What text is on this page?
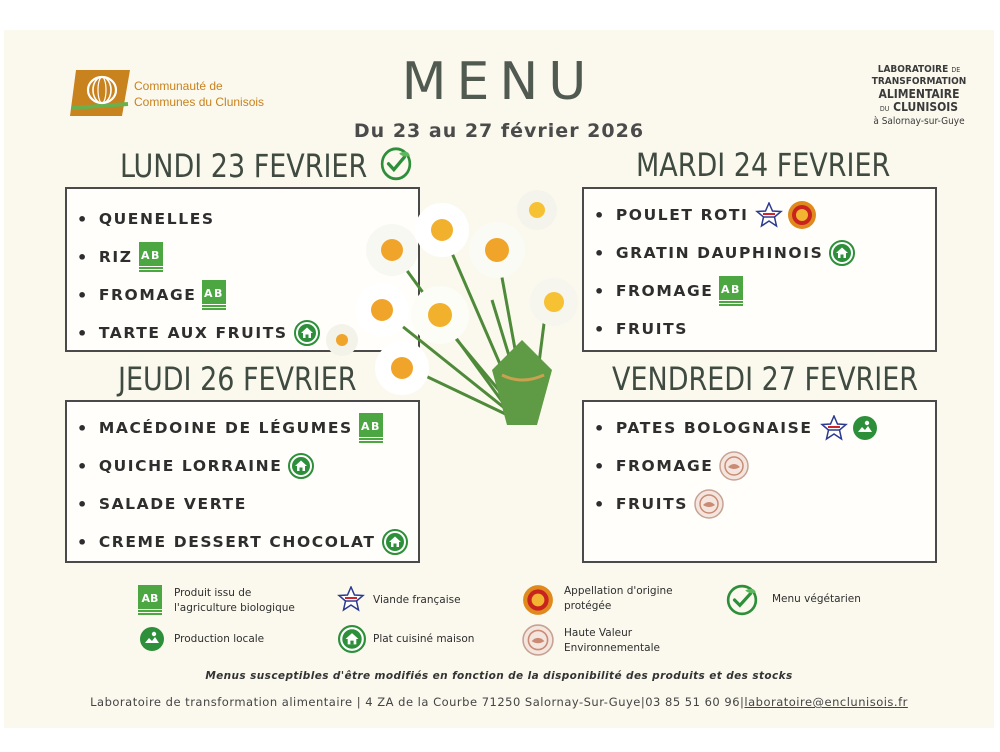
Communauté de
Communes du Clunisois	MENU
Du 23 au 27 février 2026
LABORATOIRE DE
TRANSFORMATION
ALIMENTAIRE
DU CLUNISOIS
à Salornay-sur-Guye
LUNDI 23 FEVRIER
• QUENELLES
• RIZ
• FROMAGE
• TARTE AUX FRUITS
MARDI 24 FEVRIER
• POULET ROTI
• GRATIN DAUPHINOIS
• FROMAGE
• FRUITS
JEUDI 26 FEVRIER
• MACÉDOINE DE LÉGUMES
• QUICHE LORRAINE
• SALADE VERTE
• CREME DESSERT CHOCOLAT
VENDREDI 27 FEVRIER
• PATES BOLOGNAISE
• FROMAGE
• FRUITS
Produit issu de
l'agriculture biologique
Viande française
Appellation d'origine
protégée
Menu végétarien
Production locale	Plat cuisiné maison	Haute Valeur
Environnementale
Menus susceptibles d'être modifiés en fonction de la disponibilité des produits et des stocks
Laboratoire de transformation alimentaire | 4 ZA de la Courbe 71250 Salornay-Sur-Guye|03 85 51 60 96|laboratoire@enclunisois.fr
